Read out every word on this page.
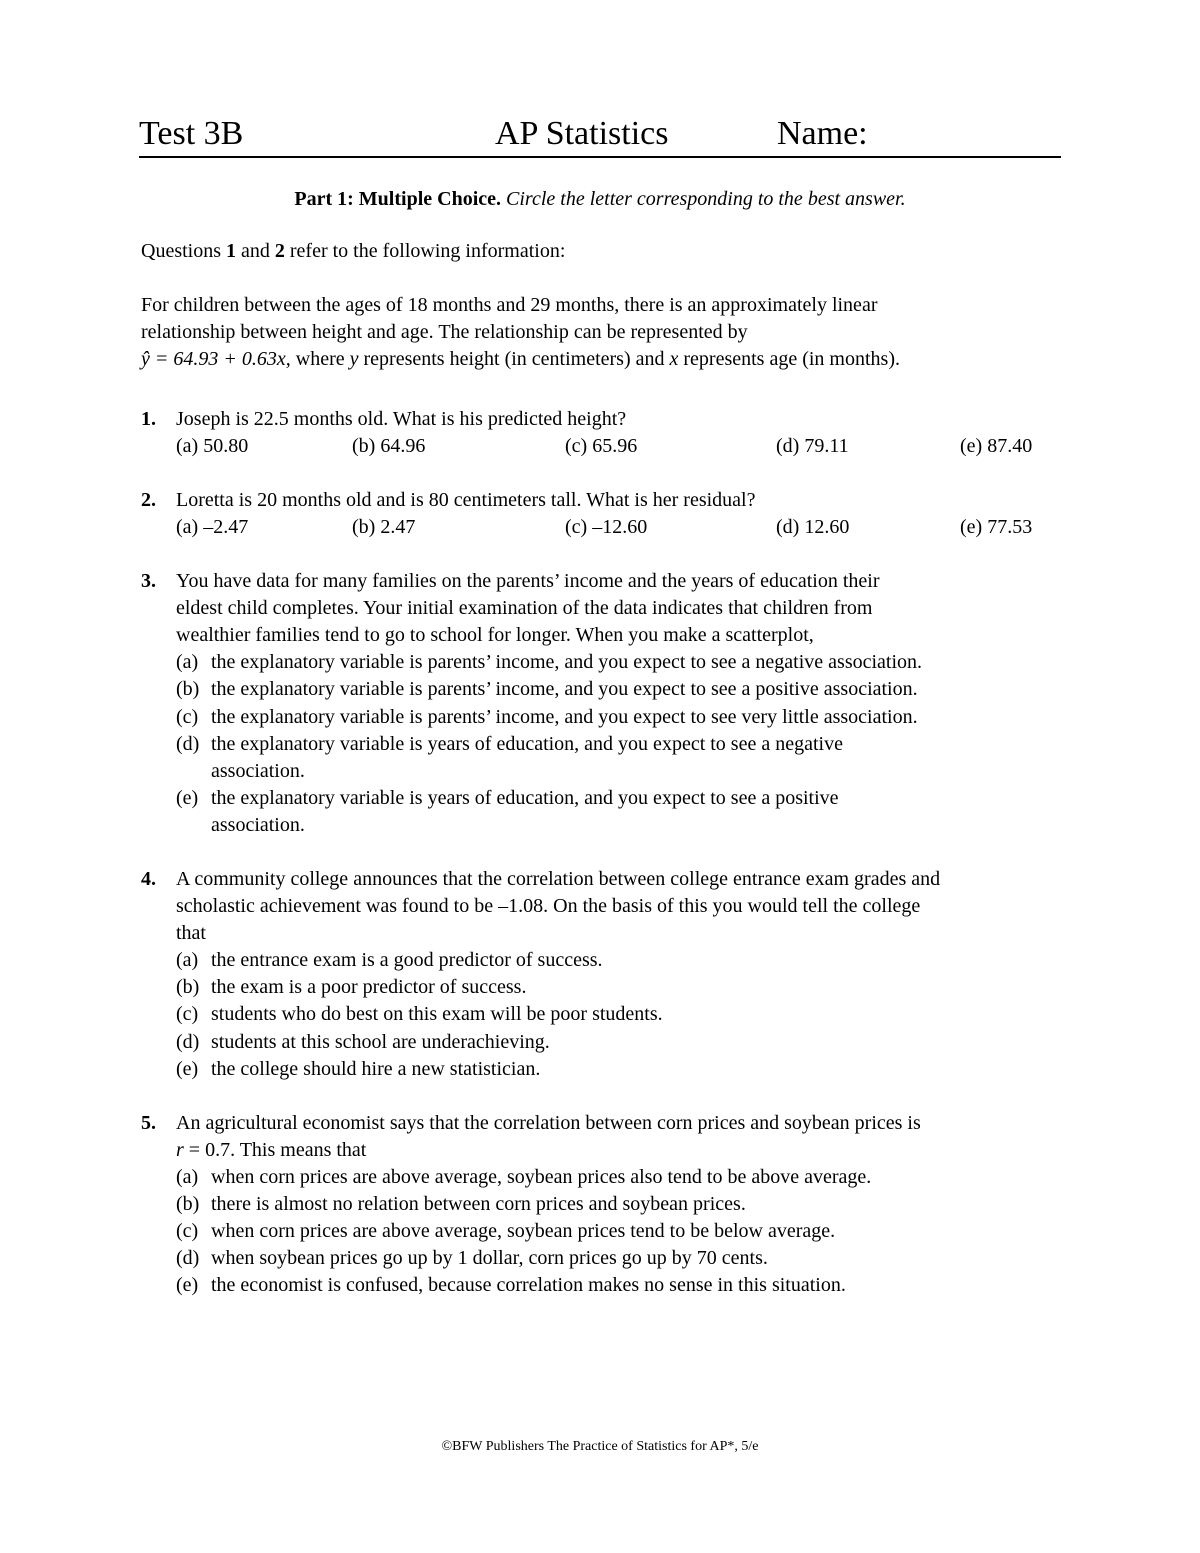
Test 3B	AP Statistics	Name:
Part 1: Multiple Choice. Circle the letter corresponding to the best answer.
Questions 1 and 2 refer to the following information:
For children between the ages of 18 months and 29 months, there is an approximately linear
relationship between height and age. The relationship can be represented by
ŷ = 64.93 + 0.63x, where y represents height (in centimeters) and x represents age (in months).
1. Joseph is 22.5 months old. What is his predicted height?
(a) 50.80	(b) 64.96	(c) 65.96	(d) 79.11	(e) 87.40
2. Loretta is 20 months old and is 80 centimeters tall. What is her residual?
(a) –2.47	(b) 2.47	(c) –12.60	(d) 12.60	(e) 77.53
3. You have data for many families on the parents’ income and the years of education their
eldest child completes. Your initial examination of the data indicates that children from
wealthier families tend to go to school for longer. When you make a scatterplot,
(a) the explanatory variable is parents’ income, and you expect to see a negative association.
(b) the explanatory variable is parents’ income, and you expect to see a positive association.
(c) the explanatory variable is parents’ income, and you expect to see very little association.
(d) the explanatory variable is years of education, and you expect to see a negative
association.
(e) the explanatory variable is years of education, and you expect to see a positive
association.
4. A community college announces that the correlation between college entrance exam grades and
scholastic achievement was found to be –1.08. On the basis of this you would tell the college
that
(a) the entrance exam is a good predictor of success.
(b) the exam is a poor predictor of success.
(c) students who do best on this exam will be poor students.
(d) students at this school are underachieving.
(e) the college should hire a new statistician.
5. An agricultural economist says that the correlation between corn prices and soybean prices is
r = 0.7. This means that
(a) when corn prices are above average, soybean prices also tend to be above average.
(b) there is almost no relation between corn prices and soybean prices.
(c) when corn prices are above average, soybean prices tend to be below average.
(d) when soybean prices go up by 1 dollar, corn prices go up by 70 cents.
(e) the economist is confused, because correlation makes no sense in this situation.
©BFW Publishers The Practice of Statistics for AP*, 5/e
